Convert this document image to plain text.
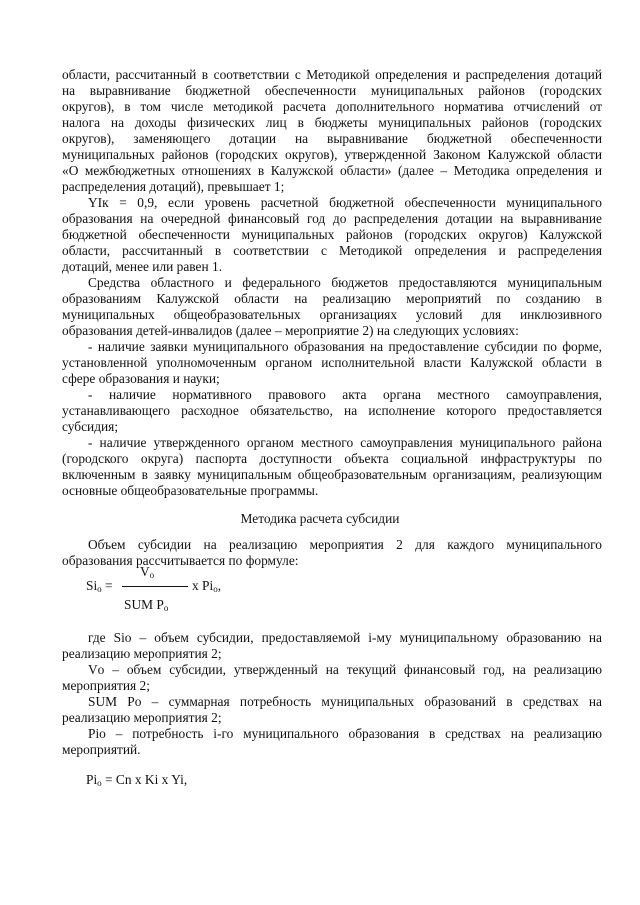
области, рассчитанный в соответствии с Методикой определения и распределения дотаций
на выравнивание бюджетной обеспеченности муниципальных районов (городских
округов), в том числе методикой расчета дополнительного норматива отчислений от
налога на доходы физических лиц в бюджеты муниципальных районов (городских
округов), заменяющего дотации на выравнивание бюджетной обеспеченности
муниципальных районов (городских округов), утвержденной Законом Калужской области
«О межбюджетных отношениях в Калужской области» (далее – Методика определения и
распределения дотаций), превышает 1;
YIк = 0,9, если уровень расчетной бюджетной обеспеченности муниципального
образования на очередной финансовый год до распределения дотации на выравнивание
бюджетной обеспеченности муниципальных районов (городских округов) Калужской
области, рассчитанный в соответствии с Методикой определения и распределения
дотаций, менее или равен 1.
Средства областного и федерального бюджетов предоставляются муниципальным
образованиям Калужской области на реализацию мероприятий по созданию в
муниципальных общеобразовательных организациях условий для инклюзивного
образования детей-инвалидов (далее – мероприятие 2) на следующих условиях:
- наличие заявки муниципального образования на предоставление субсидии по форме,
установленной уполномоченным органом исполнительной власти Калужской области в
сфере образования и науки;
- наличие нормативного правового акта органа местного самоуправления,
устанавливающего расходное обязательство, на исполнение которого предоставляется
субсидия;
- наличие утвержденного органом местного самоуправления муниципального района
(городского округа) паспорта доступности объекта социальной инфраструктуры по
включенным в заявку муниципальным общеобразовательным организациям, реализующим
основные общеобразовательные программы.
Методика расчета субсидии
Объем субсидии на реализацию мероприятия 2 для каждого муниципального
образования рассчитывается по формуле:
$V_о$
$Si_о$ =	x $Pi_о$,
SUM $P_о$
где Siо – объем субсидии, предоставляемой i-му муниципальному образованию на
реализацию мероприятия 2;
Vо – объем субсидии, утвержденный на текущий финансовый год, на реализацию
мероприятия 2;
SUM Pо – суммарная потребность муниципальных образований в средствах на
реализацию мероприятия 2;
Piо – потребность i-го муниципального образования в средствах на реализацию
мероприятий.
$Pi_о = Cn$ x Ki x Yi,
